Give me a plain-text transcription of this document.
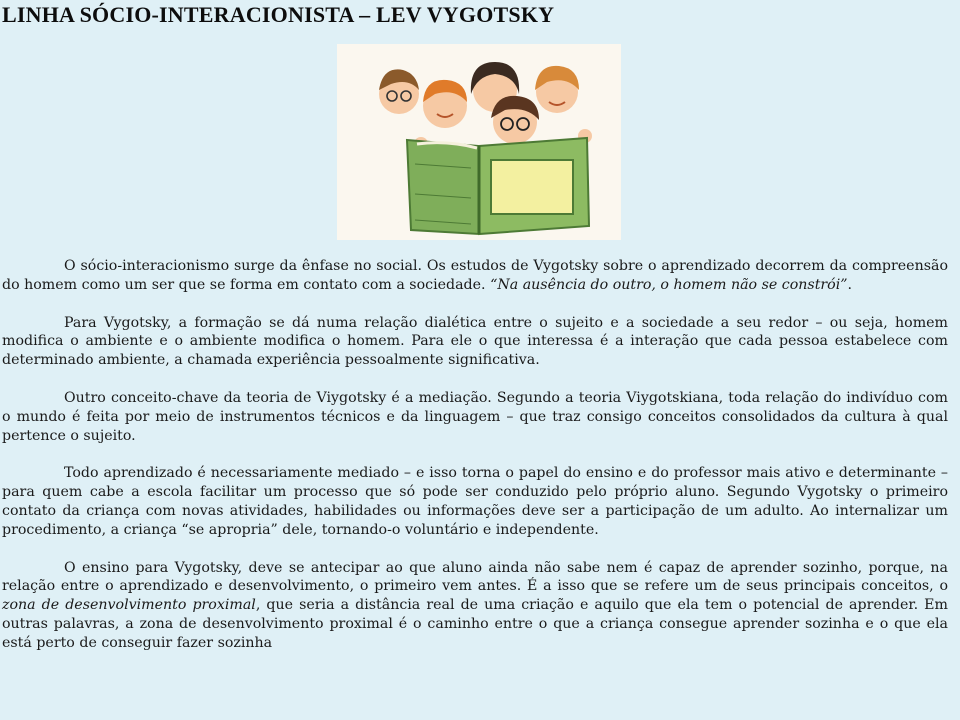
LINHA SÓCIO-INTERACIONISTA – LEV VYGOTSKY

O sócio-interacionismo surge da ênfase no social. Os estudos de Vygotsky sobre o aprendizado decorrem da compreensão do homem como um ser que se forma em contato com a sociedade. “Na ausência do outro, o homem não se constrói”.

Para Vygotsky, a formação se dá numa relação dialética entre o sujeito e a sociedade a seu redor – ou seja, homem modifica o ambiente e o ambiente modifica o homem. Para ele o que interessa é a interação que cada pessoa estabelece com determinado ambiente, a chamada experiência pessoalmente significativa.

Outro conceito-chave da teoria de Viygotsky é a mediação. Segundo a teoria Viygotskiana, toda relação do indivíduo com o mundo é feita por meio de instrumentos técnicos e da linguagem – que traz consigo conceitos consolidados da cultura à qual pertence o sujeito.

Todo aprendizado é necessariamente mediado – e isso torna o papel do ensino e do professor mais ativo e determinante – para quem cabe a escola facilitar um processo que só pode ser conduzido pelo próprio aluno. Segundo Vygotsky o primeiro contato da criança com novas atividades, habilidades ou informações deve ser a participação de um adulto. Ao internalizar um procedimento, a criança “se apropria” dele, tornando-o voluntário e independente.

O ensino para Vygotsky, deve se antecipar ao que aluno ainda não sabe nem é capaz de aprender sozinho, porque, na relação entre o aprendizado e desenvolvimento, o primeiro vem antes. É a isso que se refere um de seus principais conceitos, o zona de desenvolvimento proximal, que seria a distância real de uma criação e aquilo que ela tem o potencial de aprender. Em outras palavras, a zona de desenvolvimento proximal é o caminho entre o que a criança consegue aprender sozinha e o que ela está perto de conseguir fazer sozinha
